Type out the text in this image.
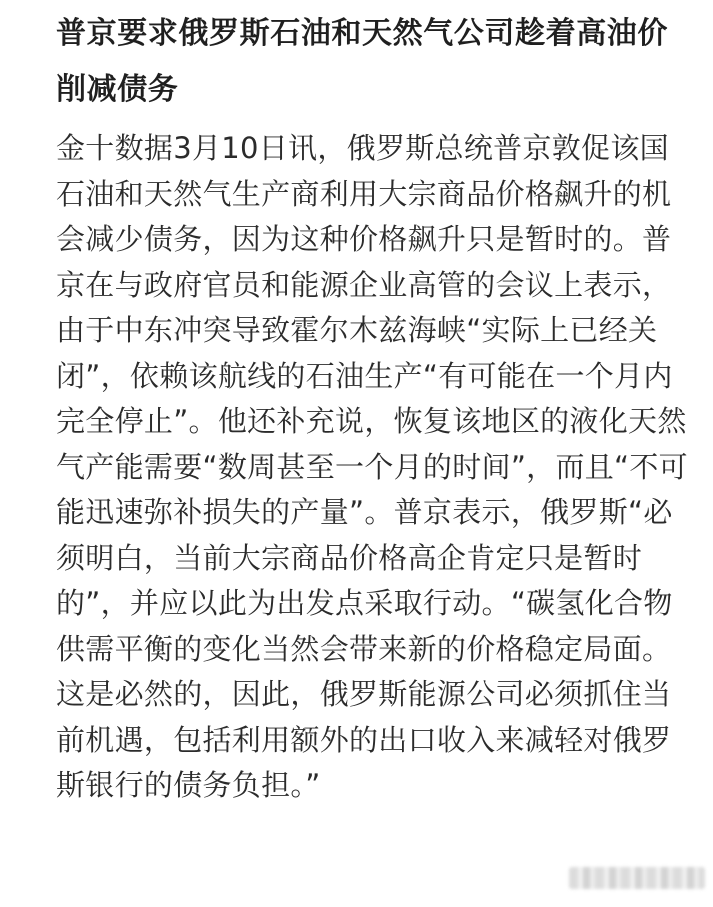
普京要求俄罗斯石油和天然气公司趁着高油价削减债务

金十数据3月10日讯，俄罗斯总统普京敦促该国石油和天然气生产商利用大宗商品价格飙升的机会减少债务，因为这种价格飙升只是暂时的。普京在与政府官员和能源企业高管的会议上表示，由于中东冲突导致霍尔木兹海峡“实际上已经关闭”，依赖该航线的石油生产“有可能在一个月内完全停止”。他还补充说，恢复该地区的液化天然气产能需要“数周甚至一个月的时间”，而且“不可能迅速弥补损失的产量”。普京表示，俄罗斯“必须明白，当前大宗商品价格高企肯定只是暂时的”，并应以此为出发点采取行动。“碳氢化合物供需平衡的变化当然会带来新的价格稳定局面。这是必然的，因此，俄罗斯能源公司必须抓住当前机遇，包括利用额外的出口收入来减轻对俄罗斯银行的债务负担。”
